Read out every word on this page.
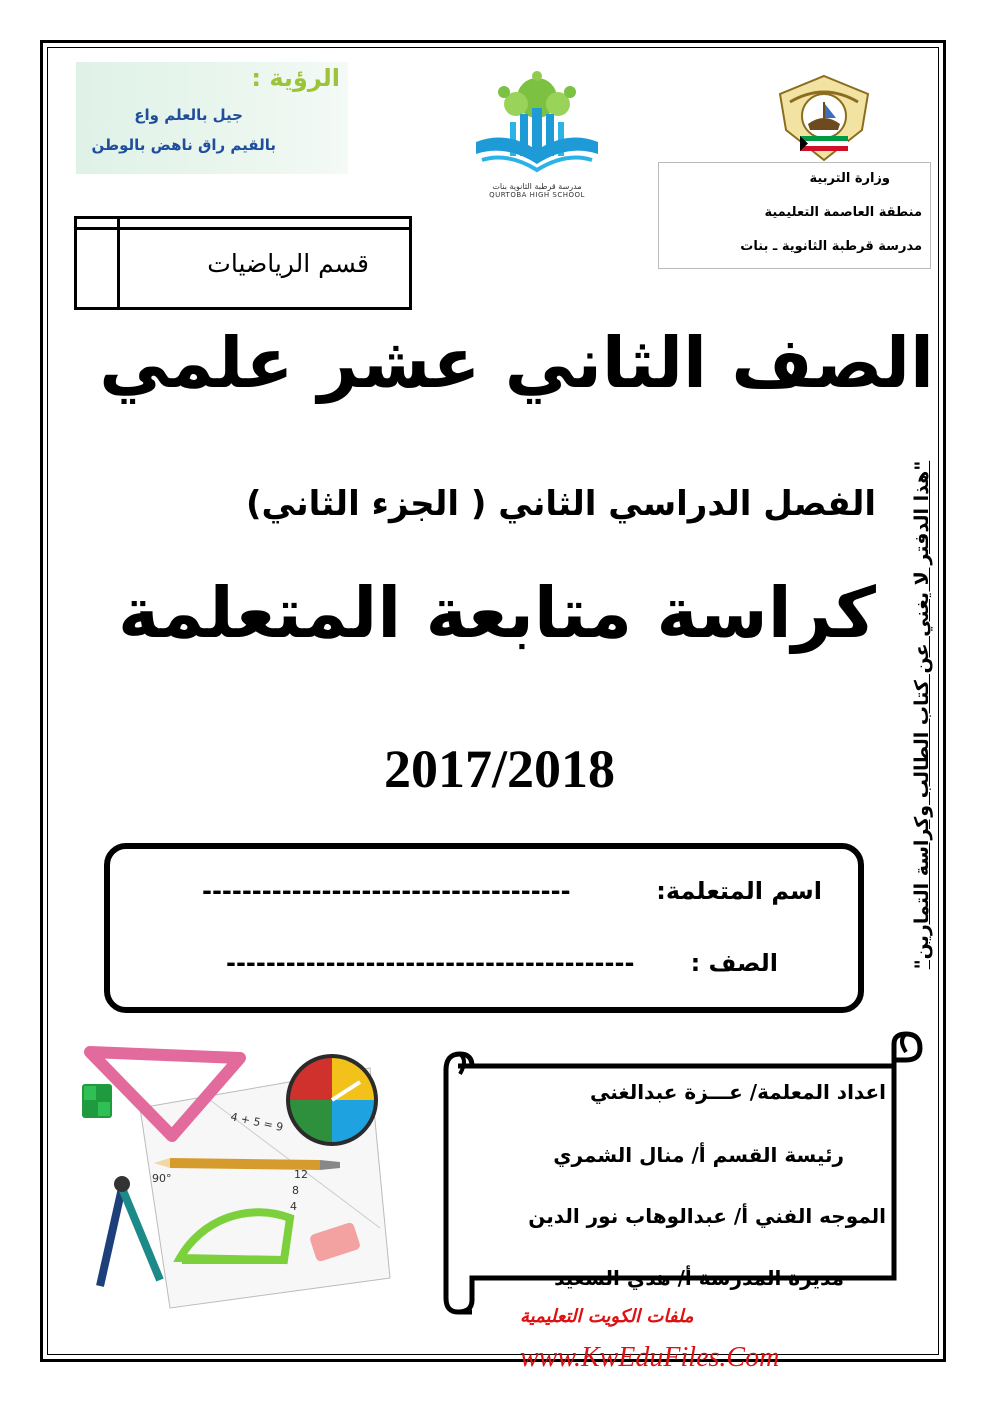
الرؤية :
جيل بالعلم واع
بالقيم راق ناهض بالوطن
مدرسة قرطبة الثانوية بنات
QURTOBA HIGH SCHOOL
وزارة التربية
منطقة العاصمة التعليمية
مدرسة قرطبة الثانوية ـ بنات
قسم الرياضيات
الصف الثاني عشر علمي
الفصل الدراسي الثاني ( الجزء الثاني)
كراسة متابعة المتعلمة
2017/2018	"هذا الدفتر لا يغني عن كتاب الطالب وكراسة التمارين"
اسم المتعلمة:
-------------------------------------
الصف :
-----------------------------------------
4 + 5 = 9
12
8
4
90°
اعداد المعلمة/ عـــزة عبدالغني
رئيسة القسم أ/ منال الشمري
الموجه الفني أ/ عبدالوهاب نور الدين
مديرة المدرسة أ/ هدي السعيد
ملفات الكويت التعليمية
www.KwEduFiles.Com
